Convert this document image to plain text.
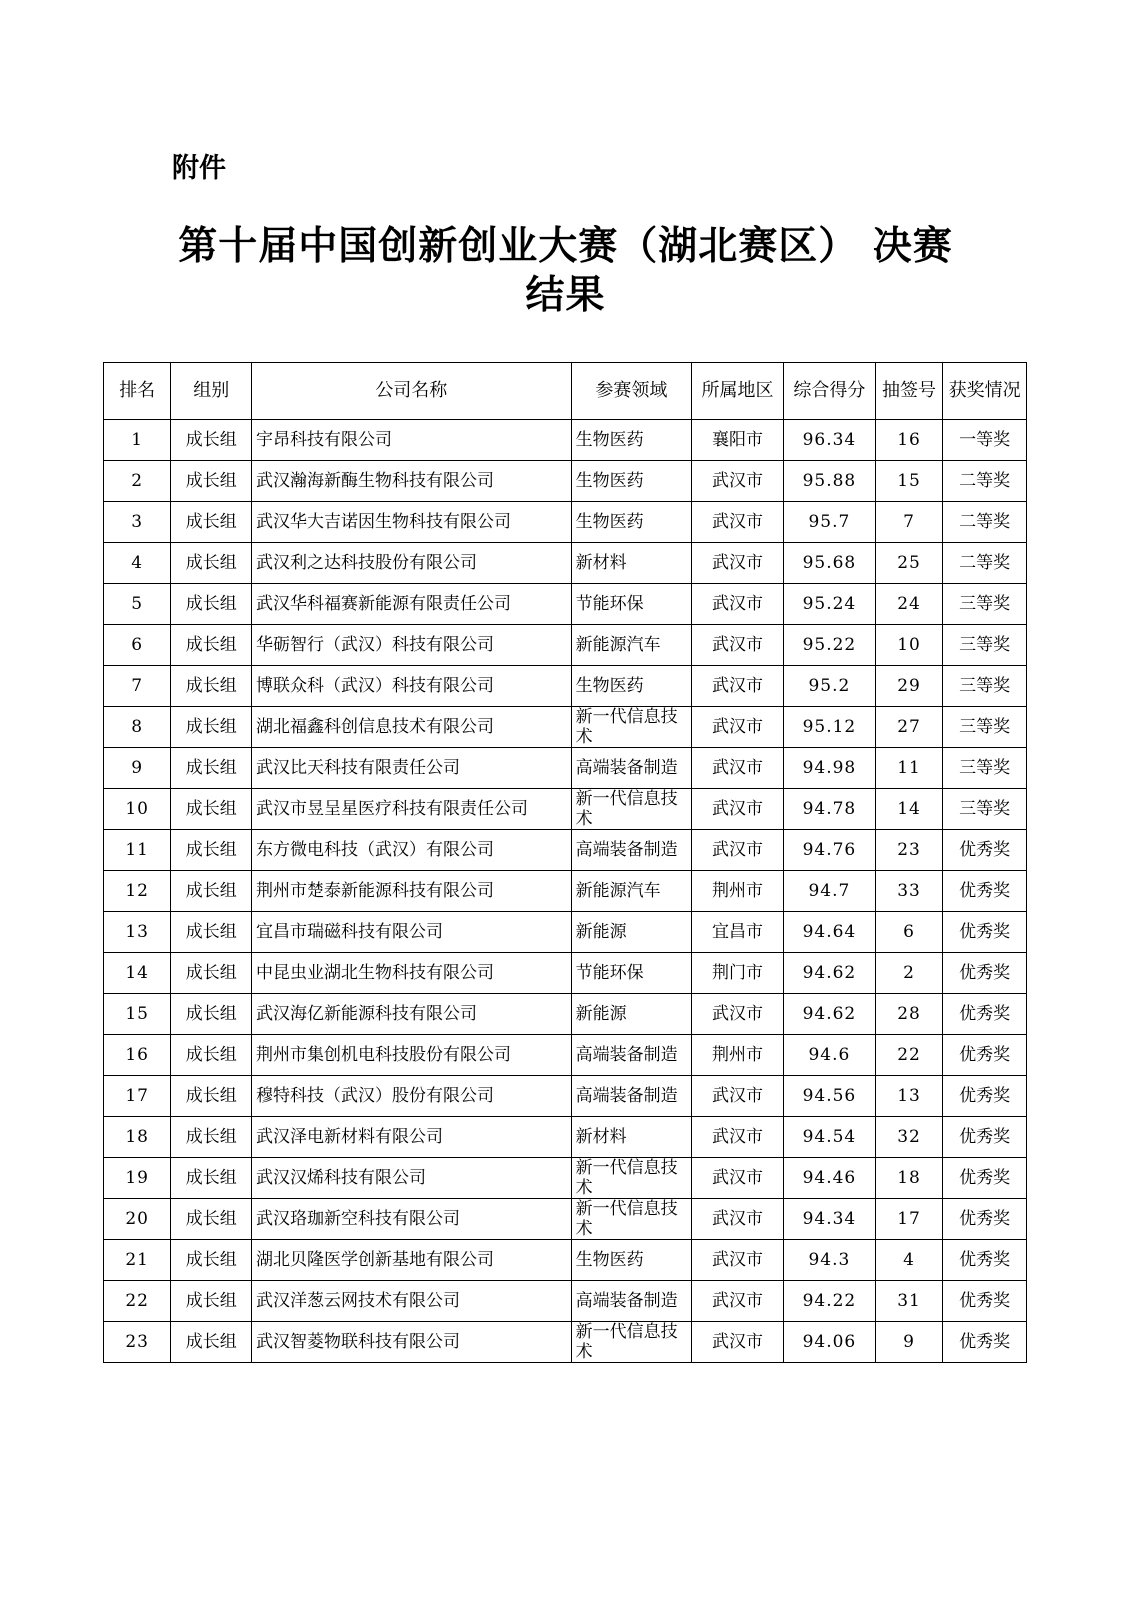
附件
第十届中国创新创业大赛（湖北赛区） 决赛
结果
排名	组别	公司名称	参赛领域	所属地区	综合得分	抽签号	获奖情况
1	成长组	宇昂科技有限公司	生物医药	襄阳市	96.34	16	一等奖
2	成长组	武汉瀚海新酶生物科技有限公司	生物医药	武汉市	95.88	15	二等奖
3	成长组	武汉华大吉诺因生物科技有限公司	生物医药	武汉市	95.7	7	二等奖
4	成长组	武汉利之达科技股份有限公司	新材料	武汉市	95.68	25	二等奖
5	成长组	武汉华科福赛新能源有限责任公司	节能环保	武汉市	95.24	24	三等奖
6	成长组	华砺智行（武汉）科技有限公司	新能源汽车	武汉市	95.22	10	三等奖
7	成长组	博联众科（武汉）科技有限公司	生物医药	武汉市	95.2	29	三等奖
8	成长组	湖北福鑫科创信息技术有限公司	新一代信息技术	武汉市	95.12	27	三等奖
9	成长组	武汉比天科技有限责任公司	高端装备制造	武汉市	94.98	11	三等奖
10	成长组	武汉市昱呈星医疗科技有限责任公司	新一代信息技术	武汉市	94.78	14	三等奖
11	成长组	东方微电科技（武汉）有限公司	高端装备制造	武汉市	94.76	23	优秀奖
12	成长组	荆州市楚泰新能源科技有限公司	新能源汽车	荆州市	94.7	33	优秀奖
13	成长组	宜昌市瑞磁科技有限公司	新能源	宜昌市	94.64	6	优秀奖
14	成长组	中昆虫业湖北生物科技有限公司	节能环保	荆门市	94.62	2	优秀奖
15	成长组	武汉海亿新能源科技有限公司	新能源	武汉市	94.62	28	优秀奖
16	成长组	荆州市集创机电科技股份有限公司	高端装备制造	荆州市	94.6	22	优秀奖
17	成长组	穆特科技（武汉）股份有限公司	高端装备制造	武汉市	94.56	13	优秀奖
18	成长组	武汉泽电新材料有限公司	新材料	武汉市	94.54	32	优秀奖
19	成长组	武汉汉烯科技有限公司	新一代信息技术	武汉市	94.46	18	优秀奖
20	成长组	武汉珞珈新空科技有限公司	新一代信息技术	武汉市	94.34	17	优秀奖
21	成长组	湖北贝隆医学创新基地有限公司	生物医药	武汉市	94.3	4	优秀奖
22	成长组	武汉洋葱云网技术有限公司	高端装备制造	武汉市	94.22	31	优秀奖
23	成长组	武汉智菱物联科技有限公司	新一代信息技术	武汉市	94.06	9	优秀奖
